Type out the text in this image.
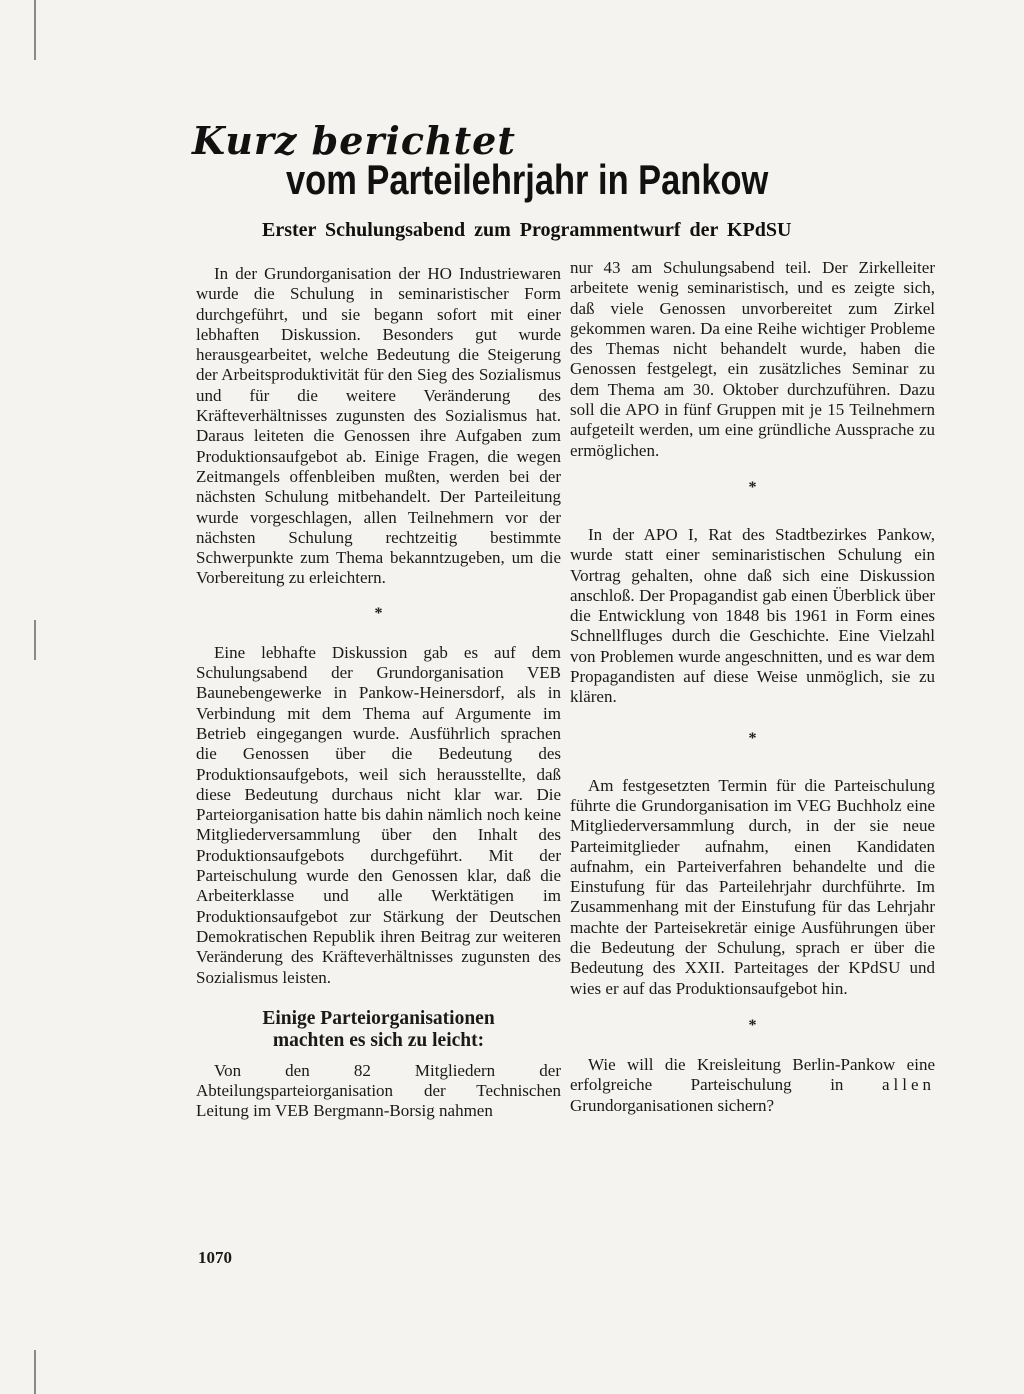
Kurz berichtet
vom Parteilehrjahr in Pankow
Erster Schulungsabend zum Programmentwurf der KPdSU

In der Grundorganisation der HO Industriewaren wurde die Schulung in seminaristischer Form durchgeführt, und sie begann sofort mit einer lebhaften Diskussion. Besonders gut wurde herausgearbeitet, welche Bedeutung die Steigerung der Arbeitsproduktivität für den Sieg des Sozialismus und für die weitere Veränderung des Kräfteverhältnisses zugunsten des Sozialismus hat. Daraus leiteten die Genossen ihre Aufgaben zum Produktionsaufgebot ab. Einige Fragen, die wegen Zeitmangels offenbleiben mußten, werden bei der nächsten Schulung mitbehandelt. Der Parteileitung wurde vorgeschlagen, allen Teilnehmern vor der nächsten Schulung rechtzeitig bestimmte Schwerpunkte zum Thema bekanntzugeben, um die Vorbereitung zu erleichtern.

*

Eine lebhafte Diskussion gab es auf dem Schulungsabend der Grundorganisation VEB Baunebengewerke in Pankow-Heinersdorf, als in Verbindung mit dem Thema auf Argumente im Betrieb eingegangen wurde. Ausführlich sprachen die Genossen über die Bedeutung des Produktionsaufgebots, weil sich herausstellte, daß diese Bedeutung durchaus nicht klar war. Die Parteiorganisation hatte bis dahin nämlich noch keine Mitgliederversammlung über den Inhalt des Produktionsaufgebots durchgeführt. Mit der Parteischulung wurde den Genossen klar, daß die Arbeiterklasse und alle Werktätigen im Produktionsaufgebot zur Stärkung der Deutschen Demokratischen Republik ihren Beitrag zur weiteren Veränderung des Kräfteverhältnisses zugunsten des Sozialismus leisten.

Einige Parteiorganisationen
machten es sich zu leicht:

Von den 82 Mitgliedern der Abteilungsparteiorganisation der Technischen Leitung im VEB Bergmann-Borsig nahmen

nur 43 am Schulungsabend teil. Der Zirkelleiter arbeitete wenig seminaristisch, und es zeigte sich, daß viele Genossen unvorbereitet zum Zirkel gekommen waren. Da eine Reihe wichtiger Probleme des Themas nicht behandelt wurde, haben die Genossen festgelegt, ein zusätzliches Seminar zu dem Thema am 30. Oktober durchzuführen. Dazu soll die APO in fünf Gruppen mit je 15 Teilnehmern aufgeteilt werden, um eine gründliche Aussprache zu ermöglichen.

*

In der APO I, Rat des Stadtbezirkes Pankow, wurde statt einer seminaristischen Schulung ein Vortrag gehalten, ohne daß sich eine Diskussion anschloß. Der Propagandist gab einen Überblick über die Entwicklung von 1848 bis 1961 in Form eines Schnellfluges durch die Geschichte. Eine Vielzahl von Problemen wurde angeschnitten, und es war dem Propagandisten auf diese Weise unmöglich, sie zu klären.

*

Am festgesetzten Termin für die Parteischulung führte die Grundorganisation im VEG Buchholz eine Mitgliederversammlung durch, in der sie neue Parteimitglieder aufnahm, einen Kandidaten aufnahm, ein Parteiverfahren behandelte und die Einstufung für das Parteilehrjahr durchführte. Im Zusammenhang mit der Einstufung für das Lehrjahr machte der Parteisekretär einige Ausführungen über die Bedeutung der Schulung, sprach er über die Bedeutung des XXII. Parteitages der KPdSU und wies er auf das Produktionsaufgebot hin.

*

Wie will die Kreisleitung Berlin-Pankow eine erfolgreiche Parteischulung in allen Grundorganisationen sichern?

1070
